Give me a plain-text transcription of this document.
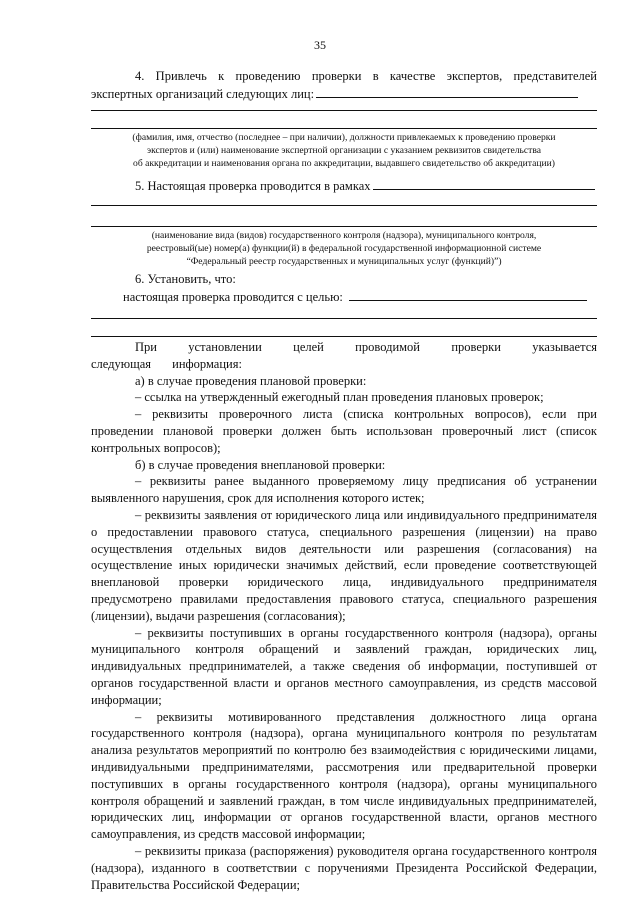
35

4. Привлечь к проведению проверки в качестве экспертов, представителей

экспертных организаций следующих лиц:

(фамилия, имя, отчество (последнее – при наличии), должности привлекаемых к проведению проверки

экспертов и (или) наименование экспертной организации с указанием реквизитов свидетельства

об аккредитации и наименования органа по аккредитации, выдавшего свидетельство об аккредитации)

5. Настоящая проверка проводится в рамках

(наименование вида (видов) государственного контроля (надзора), муниципального контроля,

реестровый(ые) номер(а) функции(й) в федеральной государственной информационной системе

“Федеральный реестр государственных и муниципальных услуг (функций)”)

6. Установить, что:

настоящая проверка проводится с целью:

При установлении целей проводимой проверки указывается следующая информация:

а) в случае проведения плановой проверки:

– ссылка на утвержденный ежегодный план проведения плановых проверок;

– реквизиты проверочного листа (списка контрольных вопросов), если при проведении плановой проверки должен быть использован проверочный лист (список контрольных вопросов);

б) в случае проведения внеплановой проверки:

– реквизиты ранее выданного проверяемому лицу предписания об устранении выявленного нарушения, срок для исполнения которого истек;

– реквизиты заявления от юридического лица или индивидуального предпринимателя о предоставлении правового статуса, специального разрешения (лицензии) на право осуществления отдельных видов деятельности или разрешения (согласования) на осуществление иных юридически значимых действий, если проведение соответствующей внеплановой проверки юридического лица, индивидуального предпринимателя предусмотрено правилами предоставления правового статуса, специального разрешения (лицензии), выдачи разрешения (согласования);

– реквизиты поступивших в органы государственного контроля (надзора), органы муниципального контроля обращений и заявлений граждан, юридических лиц, индивидуальных предпринимателей, а также сведения об информации, поступившей от органов государственной власти и органов местного самоуправления, из средств массовой информации;

– реквизиты мотивированного представления должностного лица органа государственного контроля (надзора), органа муниципального контроля по результатам анализа результатов мероприятий по контролю без взаимодействия с юридическими лицами, индивидуальными предпринимателями, рассмотрения или предварительной проверки поступивших в органы государственного контроля (надзора), органы муниципального контроля обращений и заявлений граждан, в том числе индивидуальных предпринимателей, юридических лиц, информации от органов государственной власти, органов местного самоуправления, из средств массовой информации;

– реквизиты приказа (распоряжения) руководителя органа государственного контроля (надзора), изданного в соответствии с поручениями Президента Российской Федерации, Правительства Российской Федерации;
